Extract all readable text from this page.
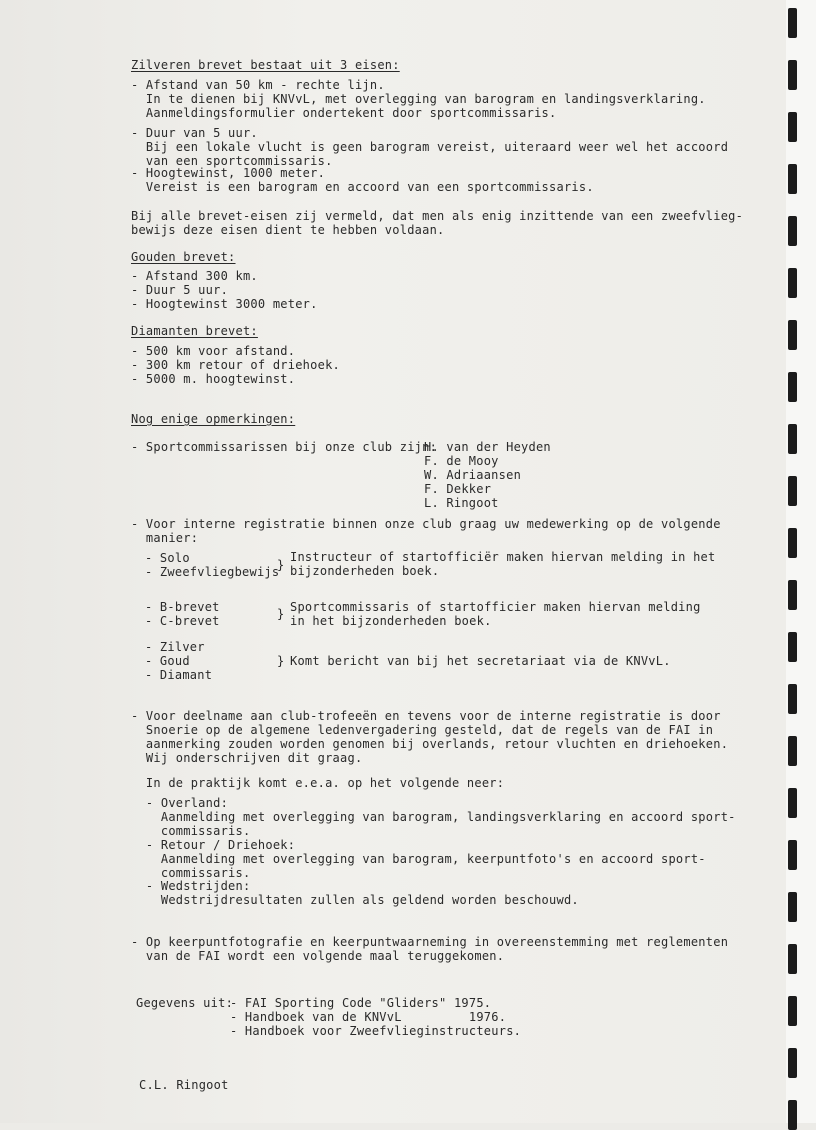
Zilveren brevet bestaat uit 3 eisen:
- Afstand van 50 km - rechte lijn.
In te dienen bij KNVvL, met overlegging van barogram en landingsverklaring.
Aanmeldingsformulier ondertekent door sportcommissaris.
- Duur van 5 uur.
Bij een lokale vlucht is geen barogram vereist, uiteraard weer wel het accoord
van een sportcommissaris.
- Hoogtewinst, 1000 meter.
Vereist is een barogram en accoord van een sportcommissaris.
Bij alle brevet-eisen zij vermeld, dat men als enig inzittende van een zweefvlieg-
bewijs deze eisen dient te hebben voldaan.
Gouden brevet:
- Afstand 300 km.
- Duur 5 uur.
- Hoogtewinst 3000 meter.
Diamanten brevet:
- 500 km voor afstand.
- 300 km retour of driehoek.
- 5000 m. hoogtewinst.
Nog enige opmerkingen:
- Sportcommissarissen bij onze club zijn:
H. van der Heyden
F. de Mooy
W. Adriaansen
F. Dekker
L. Ringoot
- Voor interne registratie binnen onze club graag uw medewerking op de volgende
manier:
- Solo
- Zweefvliegbewijs
}
Instructeur of startofficiër maken hiervan melding in het
bijzonderheden boek.
- B-brevet
- C-brevet	} Sportcommissaris of startofficier maken hiervan melding
in het bijzonderheden boek.
- Zilver
- Goud
- Diamant
} Komt bericht van bij het secretariaat via de KNVvL.
- Voor deelname aan club-trofeeën en tevens voor de interne registratie is door
Snoerie op de algemene ledenvergadering gesteld, dat de regels van de FAI in
aanmerking zouden worden genomen bij overlands, retour vluchten en driehoeken.
Wij onderschrijven dit graag.
In de praktijk komt e.e.a. op het volgende neer:
- Overland:
Aanmelding met overlegging van barogram, landingsverklaring en accoord sport-
commissaris.
- Retour / Driehoek:
Aanmelding met overlegging van barogram, keerpuntfoto's en accoord sport-
commissaris.
- Wedstrijden:
Wedstrijdresultaten zullen als geldend worden beschouwd.
- Op keerpuntfotografie en keerpuntwaarneming in overeenstemming met reglementen
van de FAI wordt een volgende maal teruggekomen.
Gegevens uit:
- FAI Sporting Code "Gliders" 1975.
- Handboek van de KNVvL         1976.
- Handboek voor Zweefvlieginstructeurs.
C.L. Ringoot
